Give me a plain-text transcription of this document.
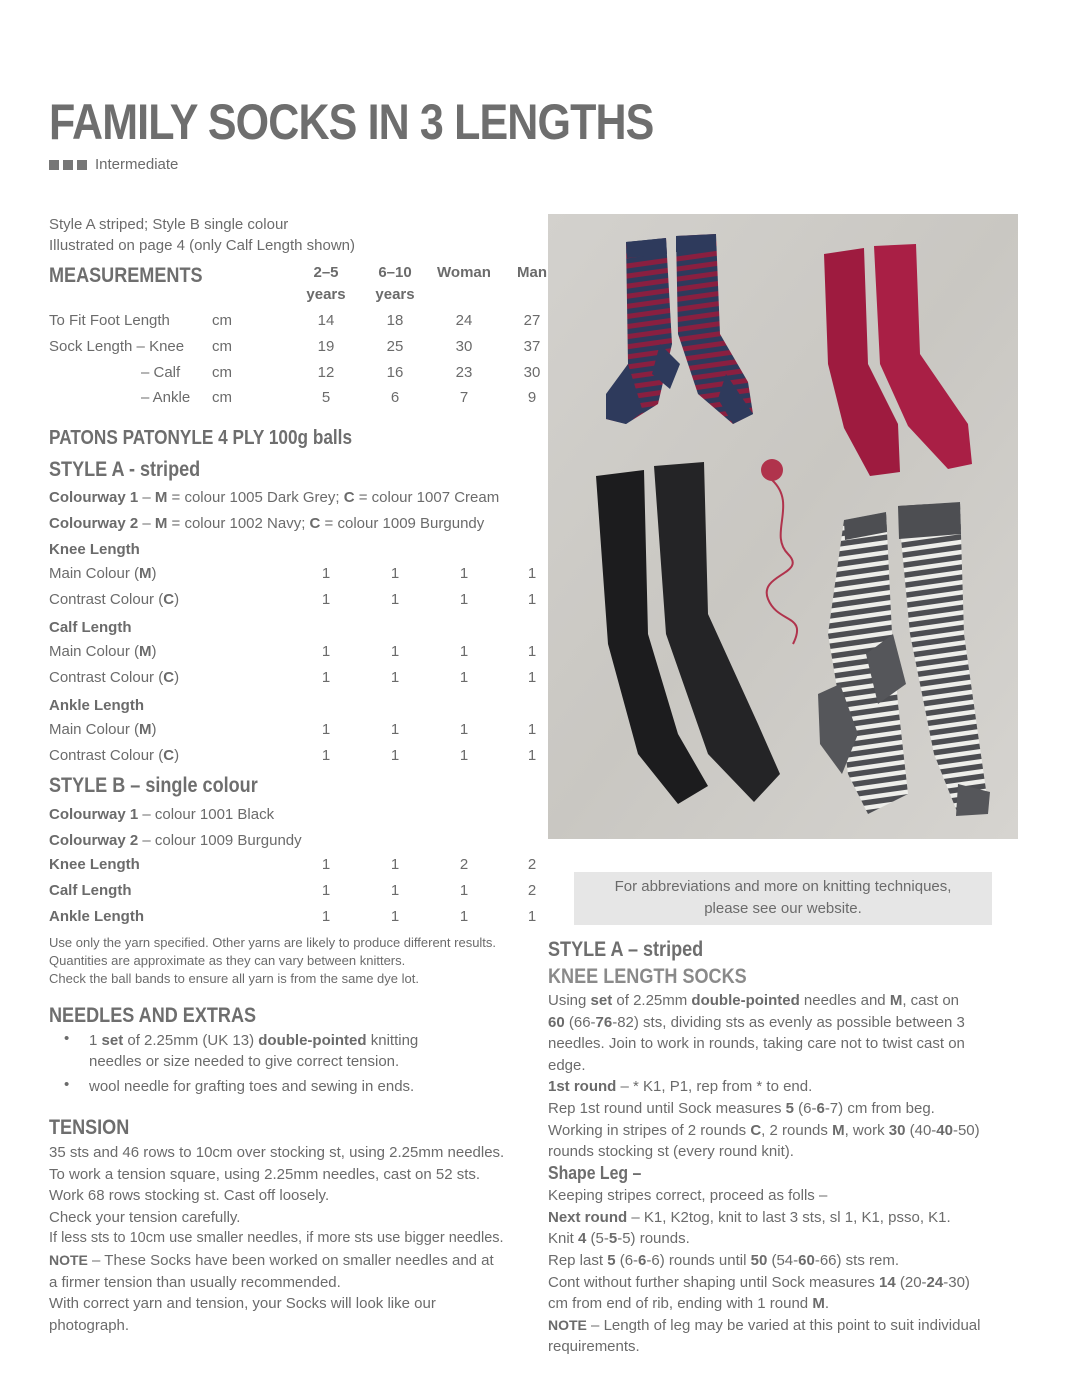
FAMILY SOCKS IN 3 LENGTHS
Intermediate
Style A striped; Style B single colour
Illustrated on page 4 (only Calf Length shown)
MEASUREMENTS	2–5	6–10	Woman	Man
years	years
To Fit Foot Length	cm	14	18	24	27
Sock Length – Knee cm	19	25	30	37
– Calf cm	12	16	23	30
– Ankle cm	5	6	7	9
PATONS PATONYLE 4 PLY 100g balls
STYLE A - striped
Colourway 1 – M = colour 1005 Dark Grey; C = colour 1007 Cream
Colourway 2 – M = colour 1002 Navy; C = colour 1009 Burgundy
Knee Length
Main Colour (M)	1	1	1	1
Contrast Colour (C)	1	1	1	1
Calf Length
Main Colour (M)	1	1	1	1
Contrast Colour (C)	1	1	1	1
Ankle Length
Main Colour (M)	1	1	1	1
Contrast Colour (C)	1	1	1	1
STYLE B – single colour
Colourway 1 – colour 1001 Black
Colourway 2 – colour 1009 Burgundy
Knee Length	1	1	2	2
Calf Length	1	1	1	2
Ankle Length	1	1	1	1
Use only the yarn specified. Other yarns are likely to produce different results.
Quantities are approximate as they can vary between knitters.
Check the ball bands to ensure all yarn is from the same dye lot.
NEEDLES AND EXTRAS
• 1 set of 2.25mm (UK 13) double-pointed knitting
needles or size needed to give correct tension.
• wool needle for grafting toes and sewing in ends.
TENSION
35 sts and 46 rows to 10cm over stocking st, using 2.25mm needles.
To work a tension square, using 2.25mm needles, cast on 52 sts.
Work 68 rows stocking st. Cast off loosely.
Check your tension carefully.
If less sts to 10cm use smaller needles, if more sts use bigger needles.
NOTE – These Socks have been worked on smaller needles and at
a firmer tension than usually recommended.
With correct yarn and tension, your Socks will look like our
photograph.
For abbreviations and more on knitting techniques,
please see our website.
STYLE A – striped
KNEE LENGTH SOCKS
Using set of 2.25mm double-pointed needles and M, cast on
60 (66-76-82) sts, dividing sts as evenly as possible between 3
needles. Join to work in rounds, taking care not to twist cast on
edge.
1st round – * K1, P1, rep from * to end.
Rep 1st round until Sock measures 5 (6-6-7) cm from beg.
Working in stripes of 2 rounds C, 2 rounds M, work 30 (40-40-50)
rounds stocking st (every round knit).
Shape Leg –
Keeping stripes correct, proceed as folls –
Next round – K1, K2tog, knit to last 3 sts, sl 1, K1, psso, K1.
Knit 4 (5-5-5) rounds.
Rep last 5 (6-6-6) rounds until 50 (54-60-66) sts rem.
Cont without further shaping until Sock measures 14 (20-24-30)
cm from end of rib, ending with 1 round M.
NOTE – Length of leg may be varied at this point to suit individual
requirements.
